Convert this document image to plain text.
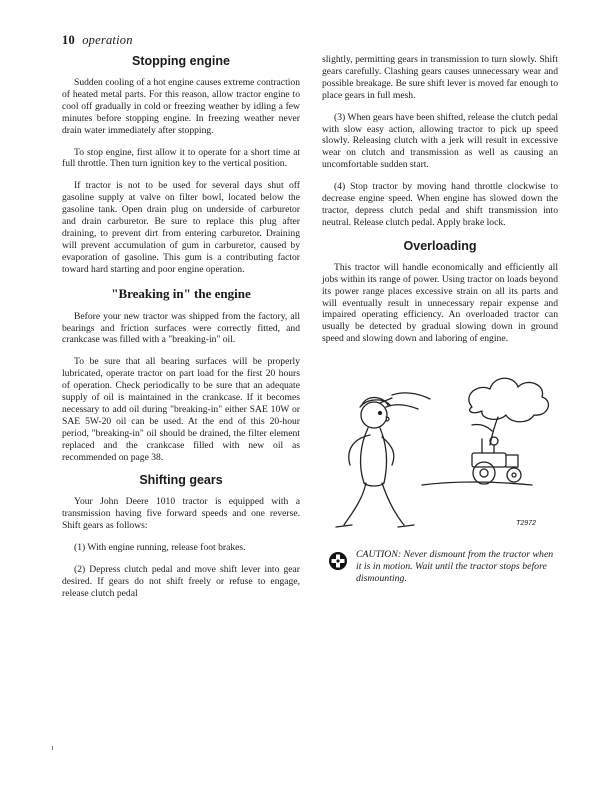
10 operation
Stopping engine

Sudden cooling of a hot engine causes extreme contraction of heated metal parts. For this reason, allow tractor engine to cool off gradually in cold or freezing weather by idling a few minutes before stopping engine. In freezing weather never drain water immediately after stopping.

To stop engine, first allow it to operate for a short time at full throttle. Then turn ignition key to the vertical position.

If tractor is not to be used for several days shut off gasoline supply at valve on filter bowl, located below the gasoline tank. Open drain plug on underside of carburetor and drain carburetor. Be sure to replace this plug after draining, to prevent dirt from entering carburetor. Draining will prevent accumulation of gum in carburetor, caused by evaporation of gasoline. This gum is a contributing factor toward hard starting and poor engine operation.

"Breaking in" the engine

Before your new tractor was shipped from the factory, all bearings and friction surfaces were correctly fitted, and crankcase was filled with a "breaking-in" oil.

To be sure that all bearing surfaces will be properly lubricated, operate tractor on part load for the first 20 hours of operation. Check periodically to be sure that an adequate supply of oil is maintained in the crankcase. If it becomes necessary to add oil during "breaking-in" either SAE 10W or SAE 5W-20 oil can be used. At the end of this 20-hour period, "breaking-in" oil should be drained, the filter element replaced and the crankcase filled with new oil as recommended on page 38.

Shifting gears

Your John Deere 1010 tractor is equipped with a transmission having five forward speeds and one reverse. Shift gears as follows:

(1) With engine running, release foot brakes.

(2) Depress clutch pedal and move shift lever into gear desired. If gears do not shift freely or refuse to engage, release clutch pedal

slightly, permitting gears in transmission to turn slowly. Shift gears carefully. Clashing gears causes unnecessary wear and possible breakage. Be sure shift lever is moved far enough to place gears in full mesh.

(3) When gears have been shifted, release the clutch pedal with slow easy action, allowing tractor to pick up speed slowly. Releasing clutch with a jerk will result in excessive wear on clutch and transmission as well as causing an uncomfortable sudden start.

(4) Stop tractor by moving hand throttle clockwise to decrease engine speed. When engine has slowed down the tractor, depress clutch pedal and shift transmission into neutral. Release clutch pedal. Apply brake lock.

Overloading

This tractor will handle economically and efficiently all jobs within its range of power. Using tractor on loads beyond its power range places excessive strain on all its parts and will eventually result in unnecessary repair expense and impaired operating efficiency. An overloaded tractor can usually be detected by gradual slowing down in ground speed and slowing down and laboring of engine.

T2972

CAUTION: Never dismount from the tractor when it is in motion. Wait until the tractor stops before dismounting.
